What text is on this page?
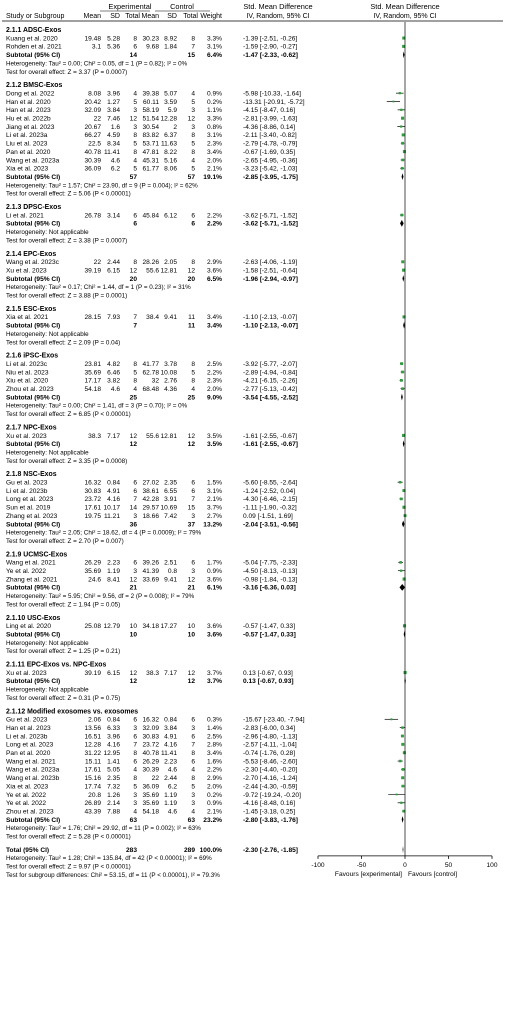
Experimental	Control	Std. Mean Difference	Std. Mean Difference
Study or Subgroup	Mean SD Total Mean SD Total Weight	IV, Random, 95% CI	IV, Random, 95% CI
2.1.1 ADSC-Exos
Kuang et al. 2020	19.48 5.28 8 30.23 8.92 8 3.3%	-1.39 [-2.51, -0.26]
Rohden et al. 2021	3.1 5.36 6 9.68 1.84 7 3.1%	-1.59 [-2.90, -0.27]
Subtotal (95% CI)	14	15 6.4%	-1.47 [-2.33, -0.62]
Heterogeneity: Tau² = 0.00; Chi² = 0.05, df = 1 (P = 0.82); I² = 0%
Test for overall effect: Z = 3.37 (P = 0.0007)
2.1.2 BMSC-Exos
Dong et al. 2022	8.08 3.96 4 39.38 5.07 4 0.9%	-5.98 [-10.33, -1.64]
Han et al. 2020	20.42 1.27 5 60.11 3.59 5 0.2%	-13.31 [-20.91, -5.72]
Han et al. 2023	32.09 3.84 3 58.19 5.9 3 1.1%	-4.15 [-8.47, 0.16]
Hu et al. 2022b	22 7.46 12 51.54 12.28 12 3.3%	-2.81 [-3.99, -1.63]
Jiang et al. 2023	20.67 1.6 3 30.54 2 3 0.8%	-4.36 [-8.86, 0.14]
Li et al. 2023a	66.27 4.59 8 83.82 6.37 8 3.1%	-2.11 [-3.40, -0.82]
Liu et al. 2023	22.5 8.34 5 53.71 11.63 5 2.3%	-2.79 [-4.78, -0.79]
Pan et al. 2020	40.78 11.41 8 47.81 8.22 8 3.4%	-0.67 [-1.69, 0.35]
Wang et al. 2023a	30.39 4.6 4 45.31 5.16 4 2.0%	-2.65 [-4.95, -0.36]
Xia et al. 2023	36.09 6.2 5 61.77 8.06 5 2.1%	-3.23 [-5.42, -1.03]
Subtotal (95% CI)	57	57 19.1%	-2.85 [-3.95, -1.75]
Heterogeneity: Tau² = 1.57; Chi² = 23.90, df = 9 (P = 0.004); I² = 62%
Test for overall effect: Z = 5.06 (P < 0.00001)
2.1.3 DPSC-Exos
Li et al. 2021	26.78 3.14 6 45.84 6.12 6 2.2%	-3.62 [-5.71, -1.52]
Subtotal (95% CI)	6	6 2.2%	-3.62 [-5.71, -1.52]
Heterogeneity: Not applicable
Test for overall effect: Z = 3.38 (P = 0.0007)
2.1.4 EPC-Exos
Wang et al. 2023c	22 2.44 8 28.26 2.05 8 2.9%	-2.63 [-4.06, -1.19]
Xu et al. 2023	39.19 6.15 12 55.6 12.81 12 3.6%	-1.58 [-2.51, -0.64]
Subtotal (95% CI)	20	20 6.5%	-1.96 [-2.94, -0.97]
Heterogeneity: Tau² = 0.17; Chi² = 1.44, df = 1 (P = 0.23); I² = 31%
Test for overall effect: Z = 3.88 (P = 0.0001)
2.1.5 ESC-Exos
Xia et al. 2021	28.15 7.93 7 38.4 9.41 11 3.4%	-1.10 [-2.13, -0.07]
Subtotal (95% CI)	7	11 3.4%	-1.10 [-2.13, -0.07]
Heterogeneity: Not applicable
Test for overall effect: Z = 2.09 (P = 0.04)
2.1.6 iPSC-Exos
Li et al. 2023c	23.81 4.82 8 41.77 3.78 8 2.5%	-3.92 [-5.77, -2.07]
Niu et al. 2023	35.69 6.46 5 62.78 10.08 5 2.2%	-2.89 [-4.94, -0.84]
Xiu et al. 2020	17.17 3.82 8 32 2.76 8 2.3%	-4.21 [-6.15, -2.26]
Zhou et al. 2023	54.18 4.6 4 68.48 4.36 4 2.0%	-2.77 [-5.13, -0.42]
Subtotal (95% CI)	25	25 9.0%	-3.54 [-4.55, -2.52]
Heterogeneity: Tau² = 0.00; Chi² = 1.41, df = 3 (P = 0.70); I² = 0%
Test for overall effect: Z = 6.85 (P < 0.00001)
2.1.7 NPC-Exos
Xu et al. 2023	38.3 7.17 12 55.6 12.81 12 3.5%	-1.61 [-2.55, -0.67]
Subtotal (95% CI)	12	12 3.5%	-1.61 [-2.55, -0.67]
Heterogeneity: Not applicable
Test for overall effect: Z = 3.35 (P = 0.0008)
2.1.8 NSC-Exos
Gu et al. 2023	16.32 0.84 6 27.02 2.35 6 1.5%	-5.60 [-8.55, -2.64]
Li et al. 2023b	30.83 4.91 6 38.61 6.55 6 3.1%	-1.24 [-2.52, 0.04]
Long et al. 2023	23.72 4.16 7 42.28 3.91 7 2.1%	-4.30 [-6.46, -2.15]
Sun et al. 2019	17.61 10.17 14 29.57 10.69 15 3.7%	-1.11 [-1.90, -0.32]
Zhang et al. 2023	19.75 11.21 3 18.66 7.42 3 2.7%	0.09 [-1.51, 1.69]
Subtotal (95% CI)	36	37 13.2%	-2.04 [-3.51, -0.56]
Heterogeneity: Tau² = 2.05; Chi² = 18.62, df = 4 (P = 0.0009); I² = 79%
Test for overall effect: Z = 2.70 (P = 0.007)
2.1.9 UCMSC-Exos
Wang et al. 2021	26.29 2.23 6 39.26 2.51 6 1.7%	-5.04 [-7.75, -2.33]
Ye et al. 2022	35.69 1.19 3 41.39 0.8 3 0.9%	-4.50 [-8.13, -0.13]
Zhang et al. 2021	24.6 8.41 12 33.69 9.41 12 3.6%	-0.98 [-1.84, -0.13]
Subtotal (95% CI)	21	21 6.1%	-3.16 [-6.36, 0.03]
Heterogeneity: Tau² = 5.95; Chi² = 9.56, df = 2 (P = 0.008); I² = 79%
Test for overall effect: Z = 1.94 (P = 0.05)
2.1.10 USC-Exos
Ling et al. 2020	25.08 12.79 10 34.18 17.27 10 3.6%	-0.57 [-1.47, 0.33]
Subtotal (95% CI)	10	10 3.6%	-0.57 [-1.47, 0.33]
Heterogeneity: Not applicable
Test for overall effect: Z = 1.25 (P = 0.21)
2.1.11 EPC-Exos vs. NPC-Exos
Xu et al. 2023	39.19 6.15 12 38.3 7.17 12 3.7%	0.13 [-0.67, 0.93]
Subtotal (95% CI)	12	12 3.7%	0.13 [-0.67, 0.93]
Heterogeneity: Not applicable
Test for overall effect: Z = 0.31 (P = 0.75)
2.1.12 Modified exosomes vs. exosomes
Gu et al. 2023	2.06 0.84 6 16.32 0.84 6 0.3%	-15.67 [-23.40, -7.94]
Han et al. 2023	13.56 6.33 3 32.09 3.84 3 1.4%	-2.83 [-6.00, 0.34]
Li et al. 2023b	16.51 3.96 6 30.83 4.91 6 2.5%	-2.96 [-4.80, -1.13]
Long et al. 2023	12.28 4.16 7 23.72 4.16 7 2.8%	-2.57 [-4.11, -1.04]
Pan et al. 2020	31.22 12.95 8 40.78 11.41 8 3.4%	-0.74 [-1.76, 0.28]
Wang et al. 2021	15.11 1.41 6 26.29 2.23 6 1.6%	-5.53 [-8.46, -2.60]
Wang et al. 2023a	17.61 5.05 4 30.39 4.6 4 2.2%	-2.30 [-4.40, -0.20]
Wang et al. 2023b	15.16 2.35 8 22 2.44 8 2.9%	-2.70 [-4.16, -1.24]
Xia et al. 2023	17.74 7.32 5 36.09 6.2 5 2.0%	-2.44 [-4.30, -0.59]
Ye et al. 2022	20.8 1.26 3 35.69 1.19 3 0.2%	-9.72 [-19.24, -0.20]
Ye et al. 2022	26.89 2.14 3 35.69 1.19 3 0.9%	-4.16 [-8.48, 0.16]
Zhou et al. 2023	43.39 7.88 4 54.18 4.6 4 2.1%	-1.45 [-3.18, 0.25]
Subtotal (95% CI)	63	63 23.2%	-2.80 [-3.83, -1.76]
Heterogeneity: Tau² = 1.76; Chi² = 29.92, df = 11 (P = 0.002); I² = 63%
Test for overall effect: Z = 5.28 (P < 0.00001)
Total (95% CI)	283	289 100.0%	-2.30 [-2.76, -1.85]
Heterogeneity: Tau² = 1.28; Chi² = 135.84, df = 42 (P < 0.00001); I² = 69%
Test for overall effect: Z = 9.97 (P < 0.00001)
Test for subgroup differences: Chi² = 53.15, df = 11 (P < 0.00001), I² = 79.3%
-100	-50	0	50	100
Favours [experimental] Favours [control]
